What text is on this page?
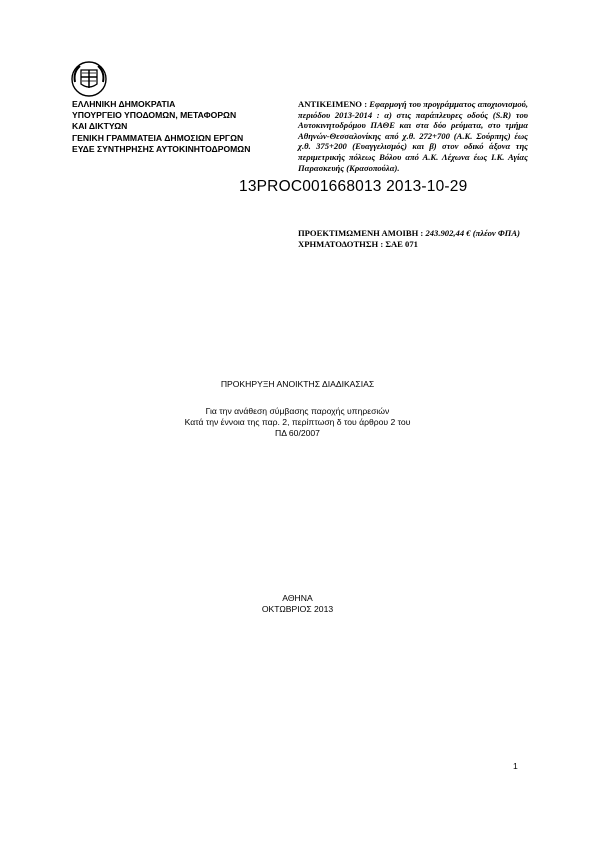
ΕΛΛΗΝΙΚΗ ΔΗΜΟΚΡΑΤΙΑ
ΥΠΟΥΡΓΕΙΟ ΥΠΟΔΟΜΩΝ, ΜΕΤΑΦΟΡΩΝ
ΚΑΙ ΔΙΚΤΥΩΝ
ΓΕΝΙΚΗ ΓΡΑΜΜΑΤΕΙΑ ΔΗΜΟΣΙΩΝ ΕΡΓΩΝ
ΕΥΔΕ ΣΥΝΤΗΡΗΣΗΣ ΑΥΤΟΚΙΝΗΤΟΔΡΟΜΩΝ
ΑΝΤΙΚΕΙΜΕΝΟ : Εφαρμογή του προγράμματος αποχιονισμού, περιόδου 2013-2014 : α) στις παράπλευρες οδούς (S.R) του Αυτοκινητοδρόμου ΠΑΘΕ και στα δύο ρεύματα, στο τμήμα Αθηνών-Θεσσαλονίκης από χ.θ. 272+700 (Α.Κ. Σούρπης) έως χ.θ. 375+200 (Ευαγγελισμός) και β) στον οδικό άξονα της περιμετρικής πόλεως Βόλου από Α.Κ. Λέχωνα έως Ι.Κ. Αγίας Παρασκευής (Κρασοπούλα).
13PROC001668013 2013-10-29
ΠΡΟΕΚΤΙΜΩΜΕΝΗ ΑΜΟΙΒΗ : 243.902,44 € (πλέον ΦΠΑ)
ΧΡΗΜΑΤΟΔΟΤΗΣΗ : ΣΑΕ 071
ΠΡΟΚΗΡΥΞΗ ΑΝΟΙΚΤΗΣ ΔΙΑΔΙΚΑΣΙΑΣ
Για την ανάθεση σύμβασης παροχής υπηρεσιών
Κατά την έννοια της παρ. 2, περίπτωση δ του άρθρου 2 του
ΠΔ 60/2007
ΑΘΗΝΑ
ΟΚΤΩΒΡΙΟΣ 2013
1
